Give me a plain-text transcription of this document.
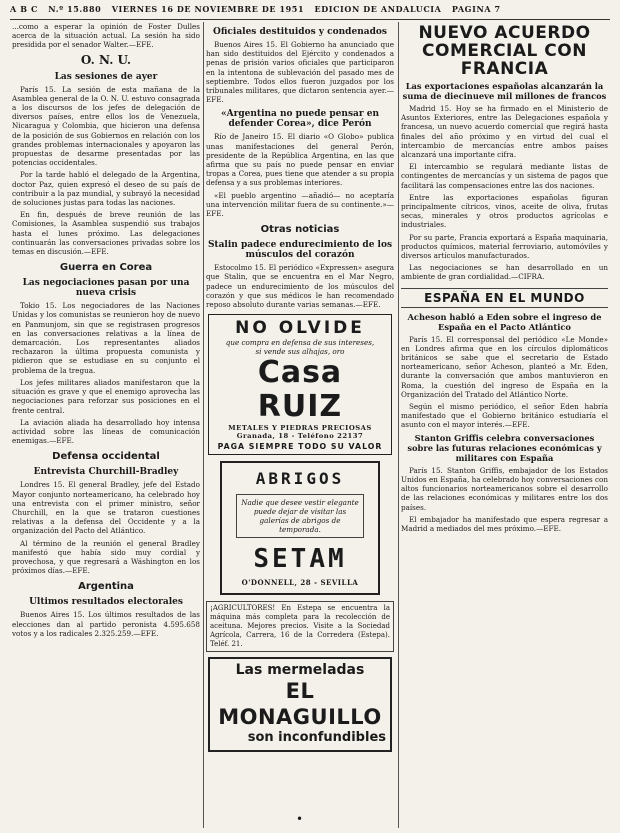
A B C N.º 15.880 VIERNES 16 DE NOVIEMBRE DE 1951 EDICION DE ANDALUCIA PAGINA 7

...como a esperar la opinión de Foster Dulles acerca de la situación actual. La sesión ha sido presidida por el senador Walter.—EFE.

O. N. U.
Las sesiones de ayer

París 15. La sesión de esta mañana de la Asamblea general de la O. N. U. estuvo consagrada a los discursos de los jefes de delegación de diversos países, entre ellos los de Venezuela, Nicaragua y Colombia, que hicieron una defensa de la posición de sus Gobiernos en relación con los grandes problemas internacionales y apoyaron las propuestas de desarme presentadas por las potencias occidentales.

Por la tarde habló el delegado de la Argentina, doctor Paz, quien expresó el deseo de su país de contribuir a la paz mundial, y subrayó la necesidad de soluciones justas para todas las naciones.

En fin, después de breve reunión de las Comisiones, la Asamblea suspendió sus trabajos hasta el lunes próximo. Las delegaciones continuarán las conversaciones privadas sobre los temas en discusión.—EFE.

Guerra en Corea
Las negociaciones pasan por una nueva crisis

Tokio 15. Los negociadores de las Naciones Unidas y los comunistas se reunieron hoy de nuevo en Panmunjom, sin que se registrasen progresos en las conversaciones relativas a la línea de demarcación. Los representantes aliados rechazaron la última propuesta comunista y pidieron que se estudiase en su conjunto el problema de la tregua.

Los jefes militares aliados manifestaron que la situación es grave y que el enemigo aprovecha las negociaciones para reforzar sus posiciones en el frente central.

La aviación aliada ha desarrollado hoy intensa actividad sobre las líneas de comunicación enemigas.—EFE.

Defensa occidental
Entrevista Churchill-Bradley

Londres 15. El general Bradley, jefe del Estado Mayor conjunto norteamericano, ha celebrado hoy una entrevista con el primer ministro, señor Churchill, en la que se trataron cuestiones relativas a la defensa del Occidente y a la organización del Pacto del Atlántico.

Al término de la reunión el general Bradley manifestó que había sido muy cordial y provechosa, y que regresará a Wáshington en los próximos días.—EFE.

Argentina
Ultimos resultados electorales

Buenos Aires 15. Los últimos resultados de las elecciones dan al partido peronista 4.595.658 votos y a los radicales 2.325.259.—EFE.

Oficiales destituidos y condenados

Buenos Aires 15. El Gobierno ha anunciado que han sido destituidos del Ejército y condenados a penas de prisión varios oficiales que participaron en la intentona de sublevación del pasado mes de septiembre. Todos ellos fueron juzgados por los tribunales militares, que dictaron sentencia ayer.—EFE.

«Argentina no puede pensar en defender Corea», dice Perón

Río de Janeiro 15. El diario «O Globo» publica unas manifestaciones del general Perón, presidente de la República Argentina, en las que afirma que su país no puede pensar en enviar tropas a Corea, pues tiene que atender a su propia defensa y a sus problemas interiores.

«El pueblo argentino —añadió— no aceptaría una intervención militar fuera de su continente.»—EFE.

Otras noticias
Stalin padece endurecimiento de los músculos del corazón

Estocolmo 15. El periódico «Expressen» asegura que Stalin, que se encuentra en el Mar Negro, padece un endurecimiento de los músculos del corazón y que sus médicos le han recomendado reposo absoluto durante varias semanas.—EFE.

NO OLVIDE
que compra en defensa de sus intereses,
si vende sus alhajas, oro
Casa RUIZ
METALES Y PIEDRAS PRECIOSAS
Granada, 18 - Teléfono 22137
PAGA SIEMPRE TODO SU VALOR
ABRIGOS
Nadie que desee vestir elegante puede dejar de visitar las galerías de abrigos de temporada.
SETAM
O'DONNELL, 28 - SEVILLA
¡AGRICULTORES! En Estepa se encuentra la máquina más completa para la recolección de aceituna. Mejores precios. Visite a la Sociedad Agrícola, Carrera, 16 de la Corredera (Estepa). Teléf. 21.
Las mermeladas
EL MONAGUILLO
son inconfundibles
NUEVO ACUERDO COMERCIAL CON FRANCIA
Las exportaciones españolas alcanzarán la suma de diecinueve mil millones de francos

Madrid 15. Hoy se ha firmado en el Ministerio de Asuntos Exteriores, entre las Delegaciones española y francesa, un nuevo acuerdo comercial que regirá hasta finales del año próximo y en virtud del cual el intercambio de mercancías entre ambos países alcanzará una importante cifra.

El intercambio se regulará mediante listas de contingentes de mercancías y un sistema de pagos que facilitará las compensaciones entre las dos naciones.

Entre las exportaciones españolas figuran principalmente cítricos, vinos, aceite de oliva, frutas secas, minerales y otros productos agrícolas e industriales.

Por su parte, Francia exportará a España maquinaria, productos químicos, material ferroviario, automóviles y diversos artículos manufacturados.

Las negociaciones se han desarrollado en un ambiente de gran cordialidad.—CIFRA.

ESPAÑA EN EL MUNDO
Acheson habló a Eden sobre el ingreso de España en el Pacto Atlántico

París 15. El corresponsal del periódico «Le Monde» en Londres afirma que en los círculos diplomáticos británicos se sabe que el secretario de Estado norteamericano, señor Acheson, planteó a Mr. Eden, durante la conversación que ambos mantuvieron en Roma, la cuestión del ingreso de España en la Organización del Tratado del Atlántico Norte.

Según el mismo periódico, el señor Eden habría manifestado que el Gobierno británico estudiaría el asunto con el mayor interés.—EFE.

Stanton Griffis celebra conversaciones sobre las futuras relaciones económicas y militares con España

París 15. Stanton Griffis, embajador de los Estados Unidos en España, ha celebrado hoy conversaciones con altos funcionarios norteamericanos sobre el desarrollo de las relaciones económicas y militares entre los dos países.

El embajador ha manifestado que espera regresar a Madrid a mediados del mes próximo.—EFE.

•
